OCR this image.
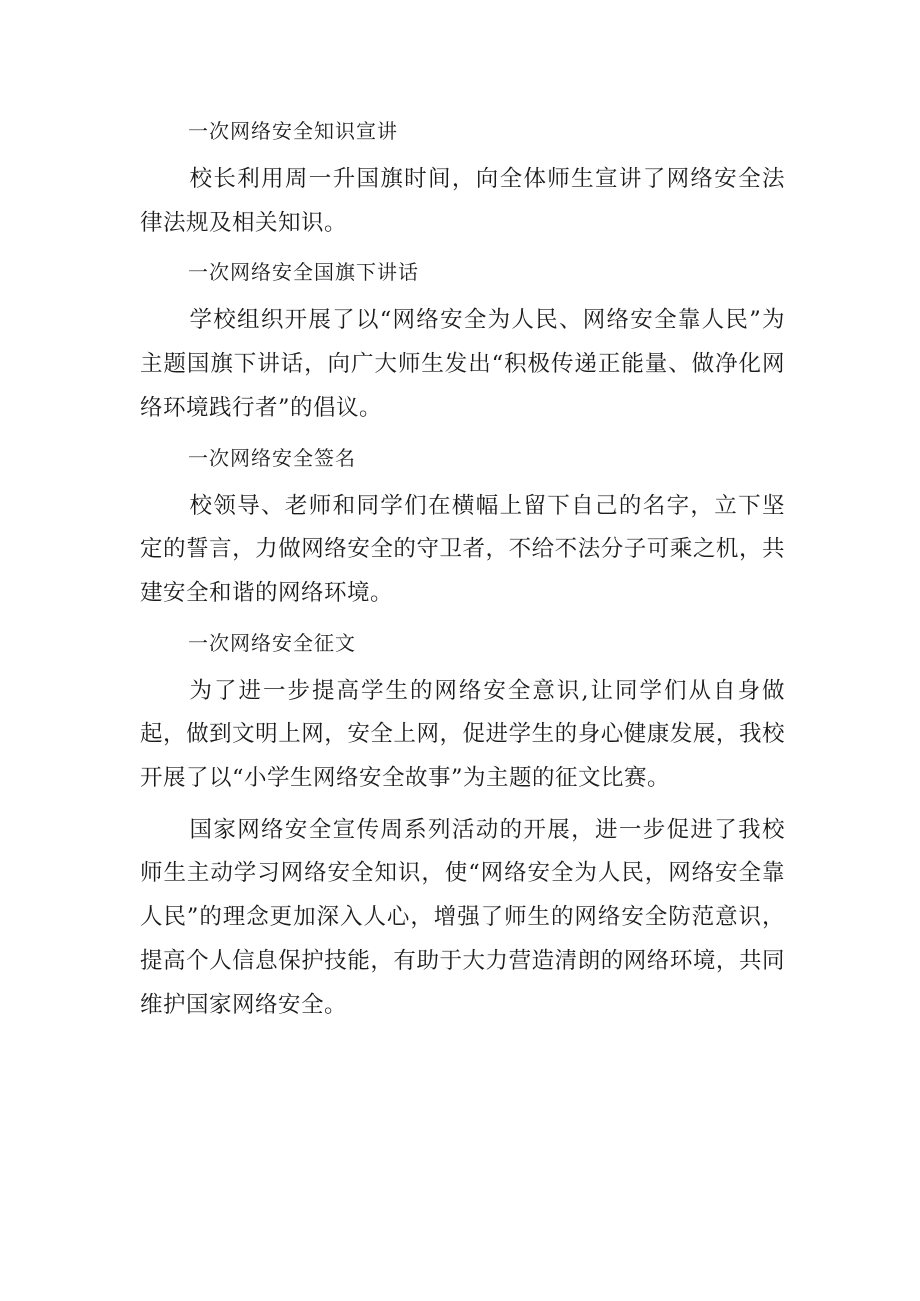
一次网络安全知识宣讲

校长利用周一升国旗时间，向全体师生宣讲了网络安全法律法规及相关知识。

一次网络安全国旗下讲话

学校组织开展了以“网络安全为人民、网络安全靠人民”为主题国旗下讲话，向广大师生发出“积极传递正能量、做净化网络环境践行者”的倡议。

一次网络安全签名

校领导、老师和同学们在横幅上留下自己的名字，立下坚定的誓言，力做网络安全的守卫者，不给不法分子可乘之机，共建安全和谐的网络环境。

一次网络安全征文

为了进一步提高学生的网络安全意识,让同学们从自身做起，做到文明上网，安全上网，促进学生的身心健康发展，我校开展了以“小学生网络安全故事”为主题的征文比赛。

国家网络安全宣传周系列活动的开展，进一步促进了我校师生主动学习网络安全知识，使“网络安全为人民，网络安全靠人民”的理念更加深入人心，增强了师生的网络安全防范意识，提高个人信息保护技能，有助于大力营造清朗的网络环境，共同维护国家网络安全。
